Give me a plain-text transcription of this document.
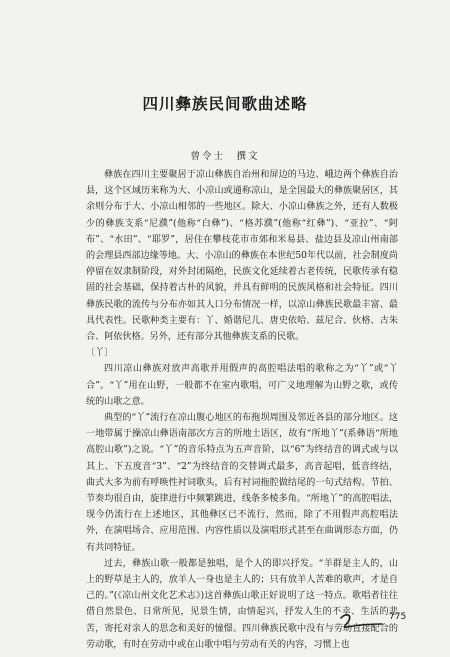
四川彝族民间歌曲述略
曾令士　撰文

彝族在四川主要聚居于凉山彝族自治州和屏边的马边、峨边两个彝族自治县，这个区域历来称为大、小凉山或通称凉山，是全国最大的彝族聚居区，其余则分布于大、小凉山相邻的一些地区。除大、小凉山彝族之外，还有人数极少的彝族支系“尼濮”(他称“白彝”)、“格苏濮”(他称“红彝”)、“亚拉”、“阿布”、“水田”、“耶罗”，居住在攀枝花市市郊和米易县、盐边县及凉山州南部的会理县西部边缘等地。大、小凉山的彝族在本世纪50年代以前，社会制度尚停留在奴隶制阶段，对外封闭隔绝，民族文化延续着古老传统，民歌传承有稳固的社会基础，保持着古朴的风貌，并具有鲜明的民族风格和社会特征。四川彝族民歌的流传与分布亦如其人口分布情况一样，以凉山彝族民歌最丰富、最具代表性。民歌种类主要有：丫、婚谐尼儿、唐史依哈、兹尼合、伙格、古朱合、阿依伙格。另外，还有部分其他彝族支系的民歌。

〔丫〕

四川凉山彝族对放声高歌并用假声的高腔唱法唱的歌称之为“丫”或“丫合”。“丫”用在山野，一般都不在室内歌唱，可广义地理解为山野之歌，或传统的山歌之意。

典型的“丫”流行在凉山腹心地区的布拖坝周围及邻近各县的部分地区。这一地带属于操凉山彝语南部次方言的所地土语区，故有“所地丫”(系彝语“所地高腔山歌”)之说。“丫”的音乐特点为五声音阶，以“6”为终结音的调式或与以其上、下五度音“3”、“2”为终结音的交替调式最多，高音起唱，低音终结，曲式大多为前有呼唤性衬词歌头，后有衬词拖腔做结尾的一句式结构。节拍、节奏均很自由，旋律进行中频繁跳进，线条多棱多角。“所地丫”的高腔唱法，现今仍流行在上述地区，其他彝区已不流行，然而，除了不用假声高腔唱法外，在演唱场合、应用范围、内容性质以及演唱形式甚至在曲调形态方面，仍有共同特征。

过去，彝族山歌一般都是独唱，是个人的即兴抒发。“羊群是主人的，山上的野草是主人的，放羊人一身也是主人的；只有放羊人苦难的歌声，才是自己的。”(《凉山州文化艺术志》)这首彝族山歌正好说明了这一特点。歌唱者往往借自然景色、日常所见，见景生情，由情起兴，抒发人生的不幸、生活的悲苦，寄托对亲人的思念和美好的憧憬。四川彝族民歌中没有与劳动直接配合的劳动歌，有时在劳动中或在山歌中唱与劳动有关的内容，习惯上也

775
